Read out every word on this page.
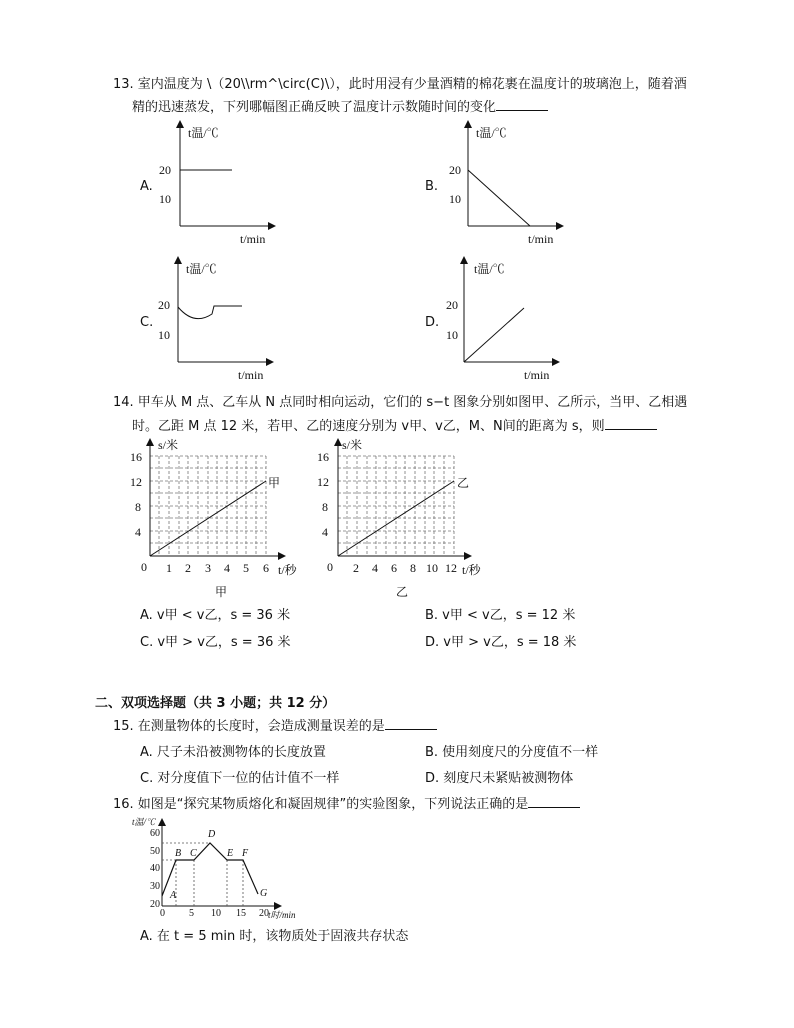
13. 室内温度为 \（20\\rm^\circ(C)\），此时用浸有少量酒精的棉花裹在温度计的玻璃泡上，随着酒
精的迅速蒸发，下列哪幅图正确反映了温度计示数随时间的变化
A.
t温/℃
20
10
t/min
B.
t温/℃
20
10
t/min
C.
t温/℃
20
10
t/min
D.
t温/℃
20
10
t/min
14. 甲车从 M 点、乙车从 N 点同时相向运动，它们的 s−t 图象分别如图甲、乙所示，当甲、乙相遇
时。乙距 M 点 12 米，若甲、乙的速度分别为 v甲、v乙，M、N间的距离为 s，则
s/米
16
12
8
4
0 1 2 3 4 5 6 t/秒
甲
甲
s/米
16
12
8
4
0 2 4 6 8 10 12 t/秒
乙
乙
A. v甲 < v乙，s = 36 米	B. v甲 < v乙，s = 12 米
C. v甲 > v乙，s = 36 米	D. v甲 > v乙，s = 18 米
二、双项选择题（共 3 小题；共 12 分）
15. 在测量物体的长度时，会造成测量误差的是
A. 尺子未沿被测物体的长度放置	B. 使用刻度尺的分度值不一样
C. 对分度值下一位的估计值不一样	D. 刻度尺未紧贴被测物体
16. 如图是“探究某物质熔化和凝固规律”的实验图象，下列说法正确的是
t温/℃
60
50
40
30
20
0 5 10 15 20 t时/min
A
B C
D
E F
G
A. 在 t = 5 min 时，该物质处于固液共存状态
